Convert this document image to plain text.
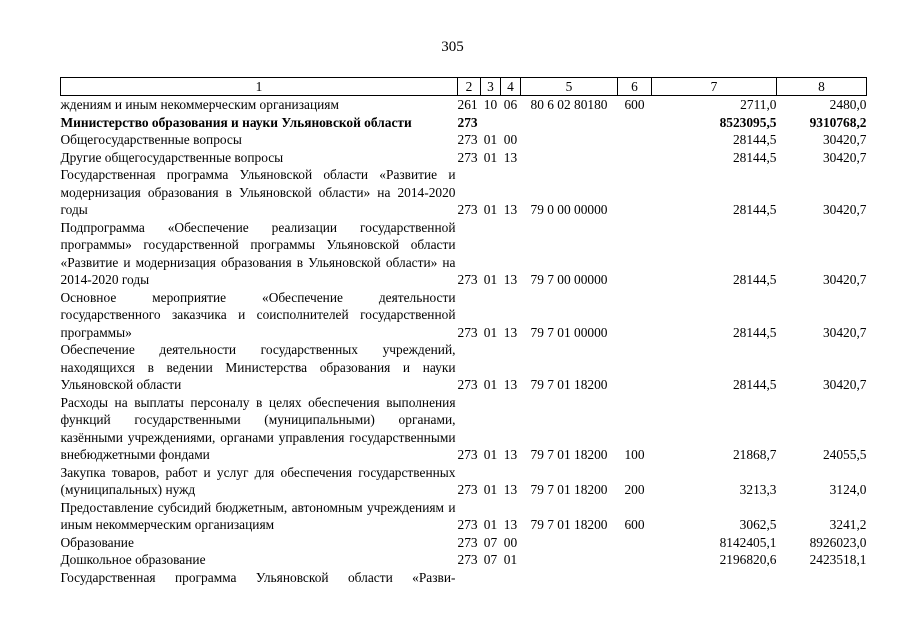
305
1	2	3	4	5	6	7	8
ждениям и иным некоммерческим организациям	261	10	06	80 6 02 80180	600	2711,0	2480,0
Министерство образования и науки Ульяновской области	273					8523095,5	9310768,2
Общегосударственные вопросы	273	01	00			28144,5	30420,7
Другие общегосударственные вопросы	273	01	13			28144,5	30420,7
Государственная программа Ульяновской области «Развитие и модернизация образования в Ульяновской области» на 2014-2020 годы	273	01	13	79 0 00 00000		28144,5	30420,7
Подпрограмма «Обеспечение реализации государственной программы» государственной программы Ульяновской области «Развитие и модернизация образования в Ульяновской области» на 2014-2020 годы	273	01	13	79 7 00 00000		28144,5	30420,7
Основное мероприятие «Обеспечение деятельности государственного заказчика и соисполнителей государственной программы»	273	01	13	79 7 01 00000		28144,5	30420,7
Обеспечение деятельности государственных учреждений, находящихся в ведении Министерства образования и науки Ульяновской области	273	01	13	79 7 01 18200		28144,5	30420,7
Расходы на выплаты персоналу в целях обеспечения выполнения функций государственными (муниципальными) органами, казёнными учреждениями, органами управления государственными внебюджетными фондами	273	01	13	79 7 01 18200	100	21868,7	24055,5
Закупка товаров, работ и услуг для обеспечения государственных (муниципальных) нужд	273	01	13	79 7 01 18200	200	3213,3	3124,0
Предоставление субсидий бюджетным, автономным учреждениям и иным некоммерческим организациям	273	01	13	79 7 01 18200	600	3062,5	3241,2
Образование	273	07	00			8142405,1	8926023,0
Дошкольное образование	273	07	01			2196820,6	2423518,1
Государственная программа Ульяновской области «Разви-							
